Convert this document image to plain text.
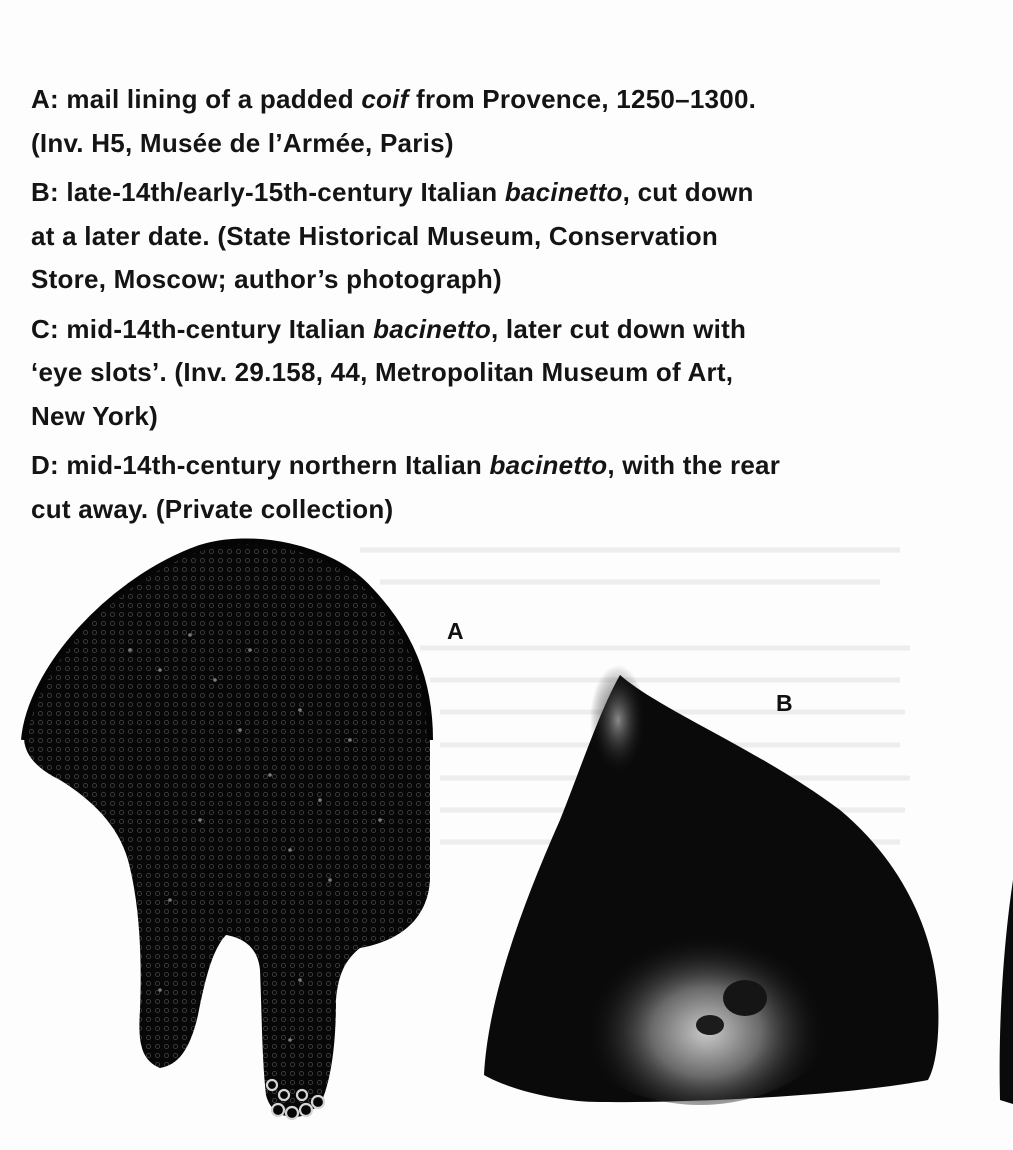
A: mail lining of a padded coif from Provence, 1250–1300.
(Inv. H5, Musée de l’Armée, Paris)

B: late-14th/early-15th-century Italian bacinetto, cut down
at a later date. (State Historical Museum, Conservation
Store, Moscow; author’s photograph)

C: mid-14th-century Italian bacinetto, later cut down with
‘eye slots’. (Inv. 29.158, 44, Metropolitan Museum of Art,
New York)

D: mid-14th-century northern Italian bacinetto, with the rear
cut away. (Private collection)

A
B
